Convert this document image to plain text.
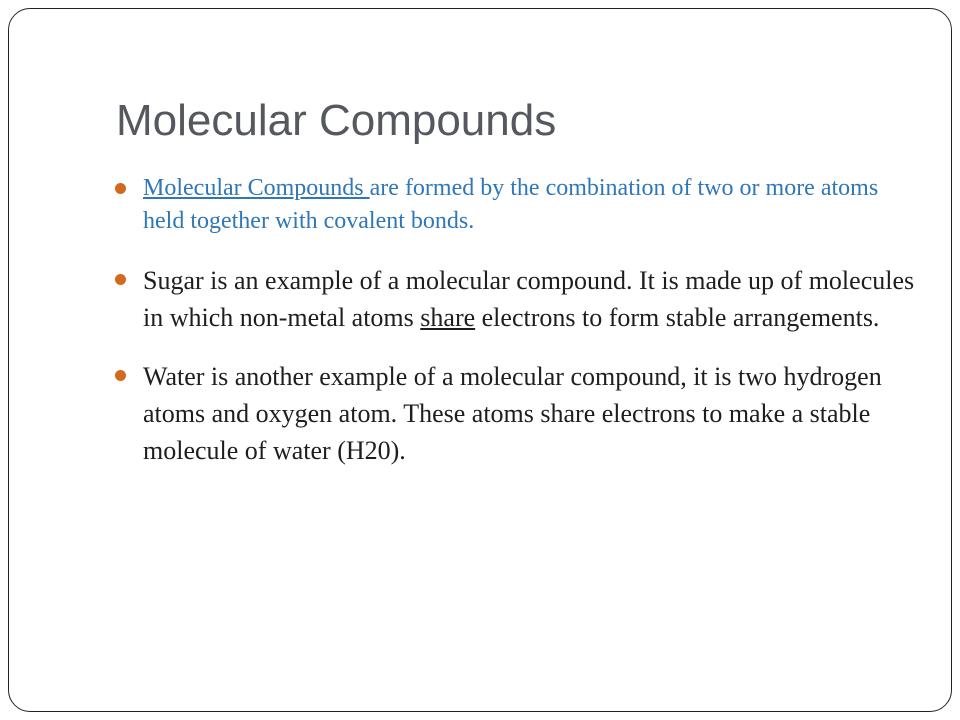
Molecular Compounds
Molecular Compounds are formed by the combination of two or more atoms held together with covalent bonds.
Sugar is an example of a molecular compound. It is made up of molecules in which non-metal atoms share electrons to form stable arrangements.
Water is another example of a molecular compound, it is two hydrogen atoms and oxygen atom. These atoms share electrons to make a stable molecule of water (H20).
